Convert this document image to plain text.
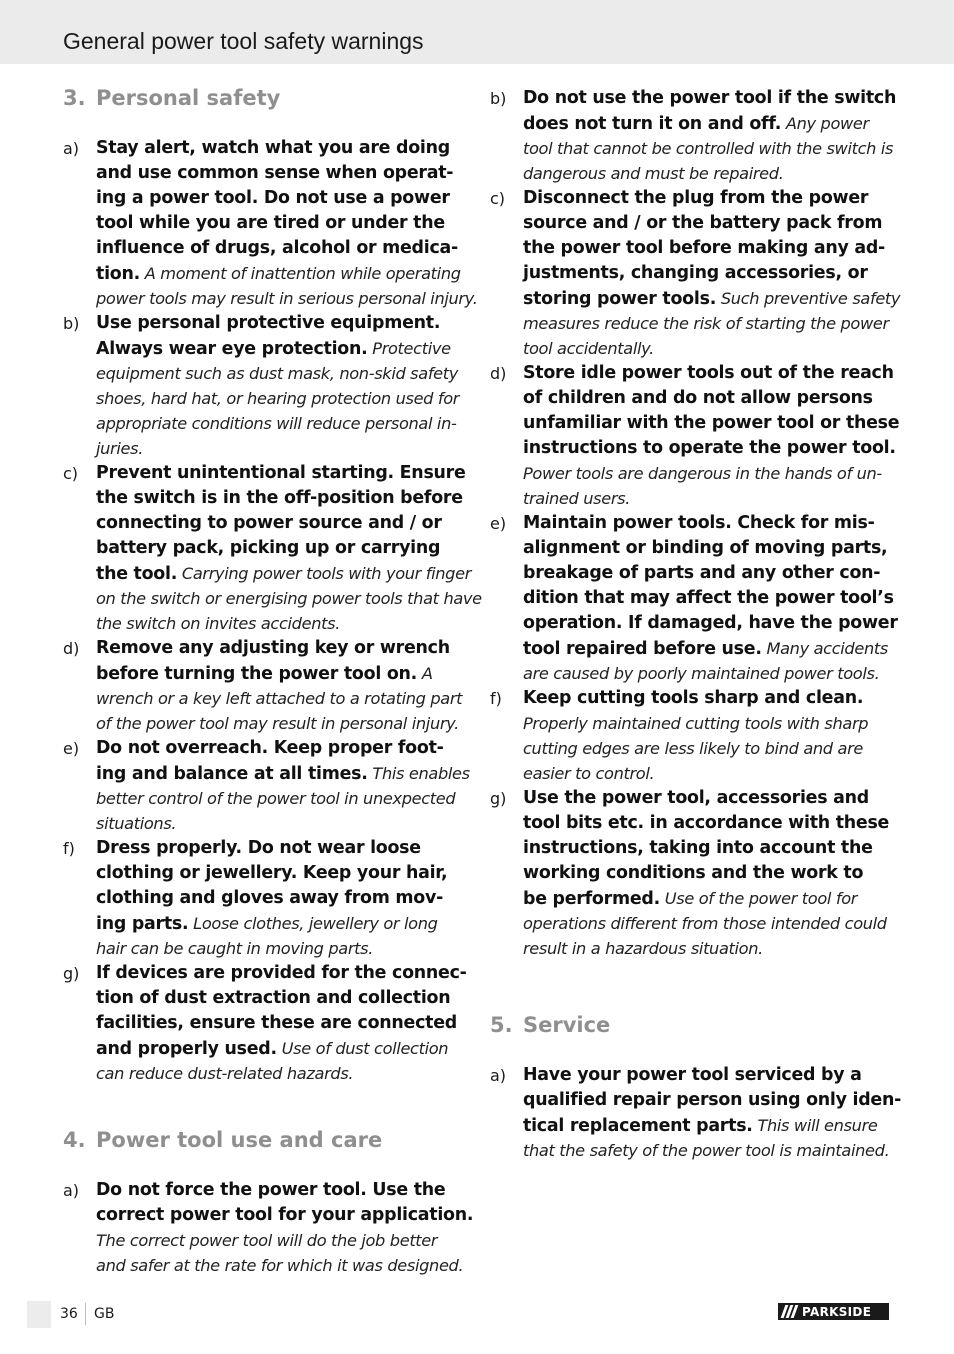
General power tool safety warnings
3. Personal safety
a) Stay alert, watch what you are doing
and use common sense when operat-
ing a power tool. Do not use a power
tool while you are tired or under the
influence of drugs, alcohol or medica-
tion. A moment of inattention while operating
power tools may result in serious personal injury.
b) Use personal protective equipment.
Always wear eye protection. Protective
equipment such as dust mask, non-skid safety
shoes, hard hat, or hearing protection used for
appropriate conditions will reduce personal in-
juries.
c)	Prevent unintentional starting. Ensure
the switch is in the off-position before
connecting to power source and / or
battery pack, picking up or carrying
the tool. Carrying power tools with your finger
on the switch or energising power tools that have
the switch on invites accidents.
d) Remove any adjusting key or wrench
before turning the power tool on. A
wrench or a key left attached to a rotating part
of the power tool may result in personal injury.
e) Do not overreach. Keep proper foot-
ing and balance at all times. This enables
better control of the power tool in unexpected
situations.
f)	Dress properly. Do not wear loose
clothing or jewellery. Keep your hair,
clothing and gloves away from mov-
ing parts. Loose clothes, jewellery or long
hair can be caught in moving parts.
g) If devices are provided for the connec-
tion of dust extraction and collection
facilities, ensure these are connected
and properly used. Use of dust collection
can reduce dust-related hazards.
4. Power tool use and care
a) Do not force the power tool. Use the
correct power tool for your application.
The correct power tool will do the job better
and safer at the rate for which it was designed.
b) Do not use the power tool if the switch
does not turn it on and off. Any power
tool that cannot be controlled with the switch is
dangerous and must be repaired.
c)	Disconnect the plug from the power
source and / or the battery pack from
the power tool before making any ad-
justments, changing accessories, or
storing power tools. Such preventive safety
measures reduce the risk of starting the power
tool accidentally.
d) Store idle power tools out of the reach
of children and do not allow persons
unfamiliar with the power tool or these
instructions to operate the power tool.
Power tools are dangerous in the hands of un-
trained users.
e) Maintain power tools. Check for mis-
alignment or binding of moving parts,
breakage of parts and any other con-
dition that may affect the power tool’s
operation. If damaged, have the power
tool repaired before use. Many accidents
are caused by poorly maintained power tools.
f)	Keep cutting tools sharp and clean.
Properly maintained cutting tools with sharp
cutting edges are less likely to bind and are
easier to control.
g) Use the power tool, accessories and
tool bits etc. in accordance with these
instructions, taking into account the
working conditions and the work to
be performed. Use of the power tool for
operations different from those intended could
result in a hazardous situation.
5. Service
a) Have your power tool serviced by a
qualified repair person using only iden-
tical replacement parts. This will ensure
that the safety of the power tool is maintained.
36 GB	PARKSIDE
